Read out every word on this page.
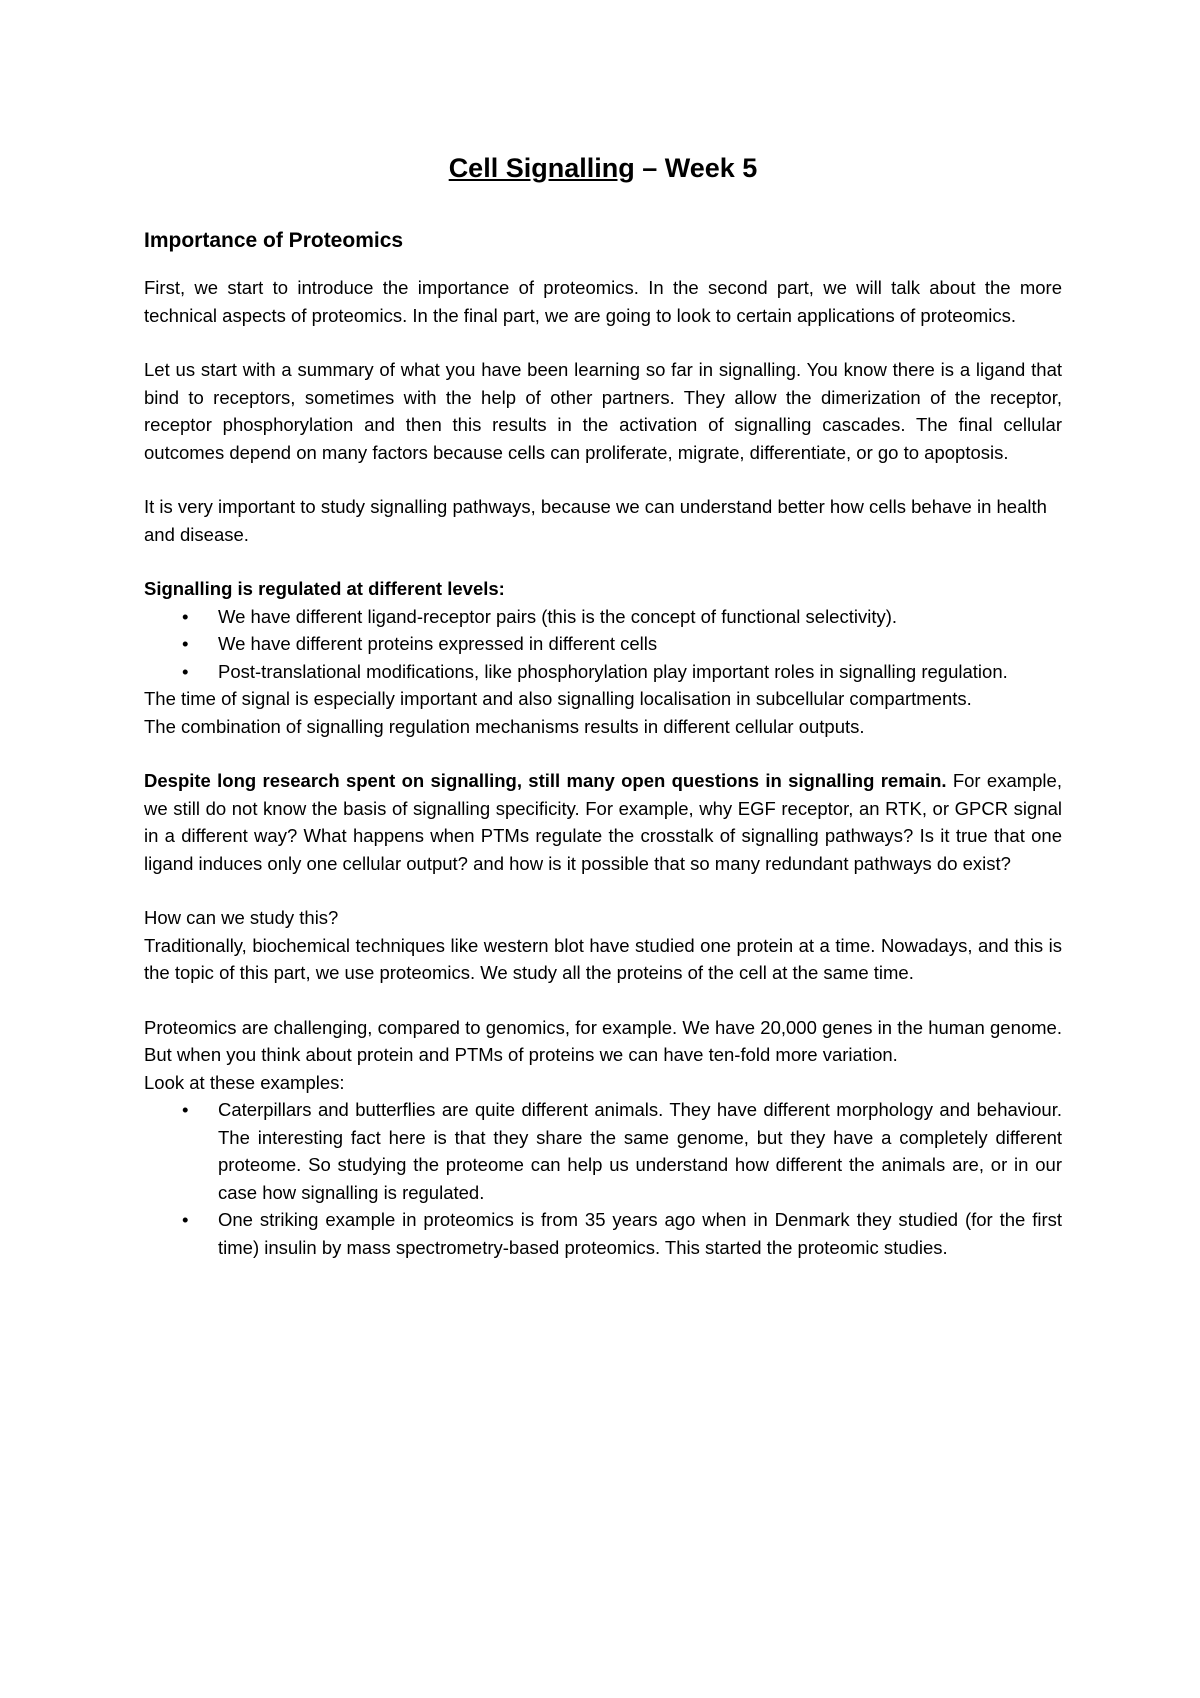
Cell Signalling – Week 5
Importance of Proteomics

First, we start to introduce the importance of proteomics. In the second part, we will talk about the more technical aspects of proteomics. In the final part, we are going to look to certain applications of proteomics.

Let us start with a summary of what you have been learning so far in signalling. You know there is a ligand that bind to receptors, sometimes with the help of other partners. They allow the dimerization of the receptor, receptor phosphorylation and then this results in the activation of signalling cascades. The final cellular outcomes depend on many factors because cells can proliferate, migrate, differentiate, or go to apoptosis.

It is very important to study signalling pathways, because we can understand better how cells behave in health and disease.

Signalling is regulated at different levels:
• We have different ligand-receptor pairs (this is the concept of functional selectivity).
• We have different proteins expressed in different cells
• Post-translational modifications, like phosphorylation play important roles in signalling regulation.
The time of signal is especially important and also signalling localisation in subcellular compartments.

The combination of signalling regulation mechanisms results in different cellular outputs.

Despite long research spent on signalling, still many open questions in signalling remain. For example, we still do not know the basis of signalling specificity. For example, why EGF receptor, an RTK, or GPCR signal in a different way? What happens when PTMs regulate the crosstalk of signalling pathways? Is it true that one ligand induces only one cellular output? and how is it possible that so many redundant pathways do exist?

How can we study this?

Traditionally, biochemical techniques like western blot have studied one protein at a time. Nowadays, and this is the topic of this part, we use proteomics. We study all the proteins of the cell at the same time.

Proteomics are challenging, compared to genomics, for example. We have 20,000 genes in the human genome. But when you think about protein and PTMs of proteins we can have ten-fold more variation.
Look at these examples:
• Caterpillars and butterflies are quite different animals. They have different morphology and behaviour. The interesting fact here is that they share the same genome, but they have a completely different proteome. So studying the proteome can help us understand how different the animals are, or in our case how signalling is regulated.
• One striking example in proteomics is from 35 years ago when in Denmark they studied (for the first time) insulin by mass spectrometry-based proteomics. This started the proteomic studies.
